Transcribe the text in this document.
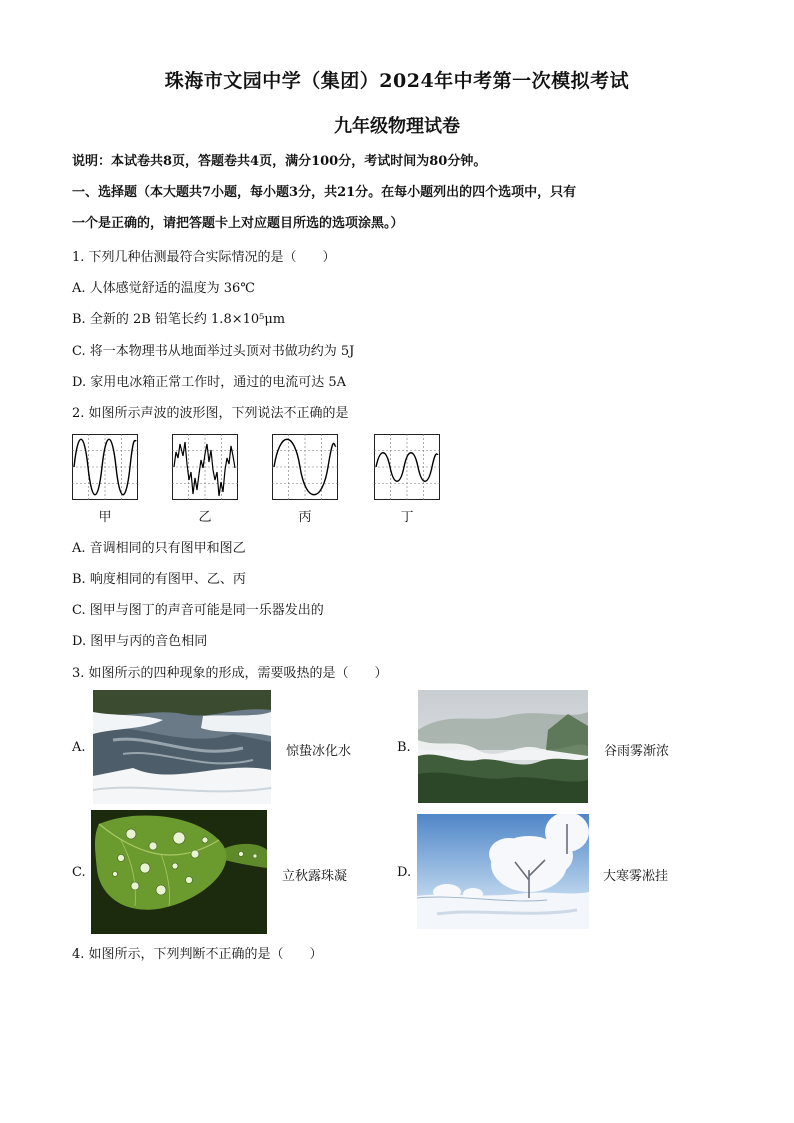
珠海市文园中学（集团）2024年中考第一次模拟考试
九年级物理试卷
说明：本试卷共8页，答题卷共4页，满分100分，考试时间为80分钟。
一、选择题（本大题共7小题，每小题3分，共21分。在每小题列出的四个选项中，只有
一个是正确的，请把答题卡上对应题目所选的选项涂黑。）
1. 下列几种估测最符合实际情况的是（　　）
A. 人体感觉舒适的温度为 36℃
B. 全新的 2B 铅笔长约 1.8×10⁵μm
C. 将一本物理书从地面举过头顶对书做功约为 5J
D. 家用电冰箱正常工作时，通过的电流可达 5A
2. 如图所示声波的波形图，下列说法不正确的是
甲	乙	丙	丁
A. 音调相同的只有图甲和图乙
B. 响度相同的有图甲、乙、丙
C. 图甲与图丁的声音可能是同一乐器发出的
D. 图甲与丙的音色相同
3. 如图所示的四种现象的形成，需要吸热的是（　　）
A.	惊蛰冰化水	B.	谷雨雾渐浓
C.	立秋露珠凝	D.	大寒雾凇挂
4. 如图所示，下列判断不正确的是（　　）
